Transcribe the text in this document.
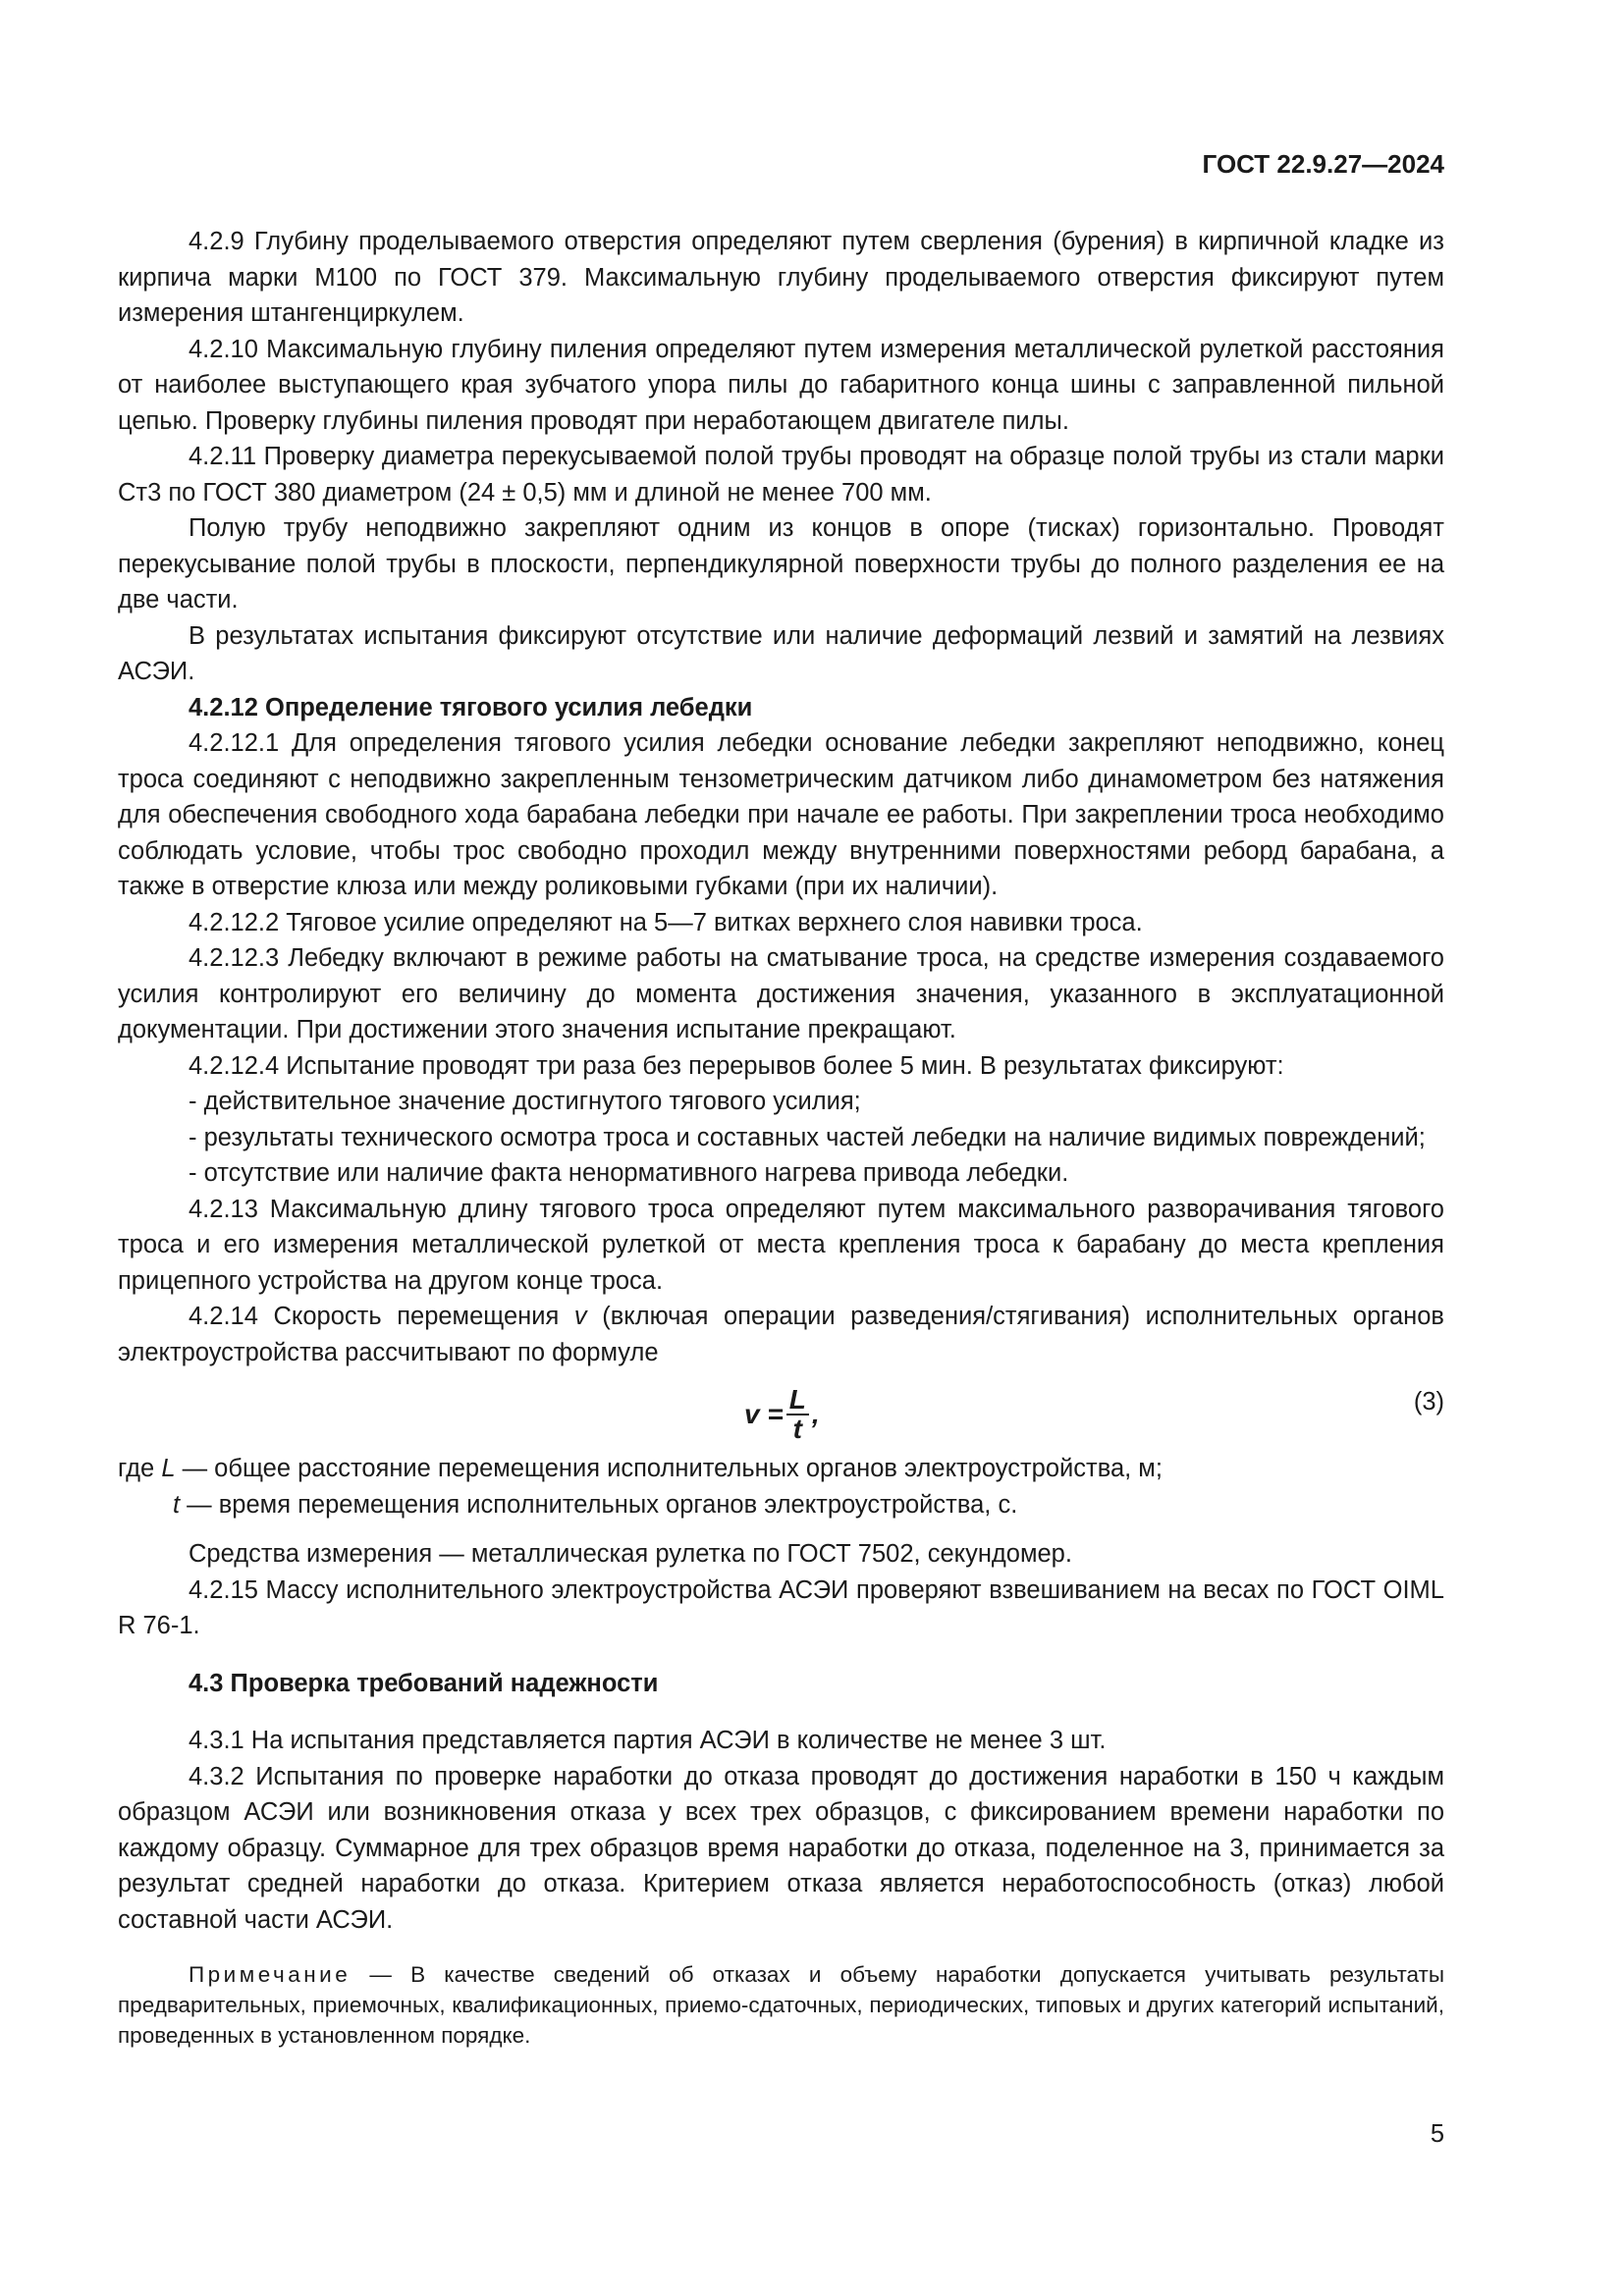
ГОСТ 22.9.27—2024

4.2.9 Глубину проделываемого отверстия определяют путем сверления (бурения) в кирпичной кладке из кирпича марки М100 по ГОСТ 379. Максимальную глубину проделываемого отверстия фиксируют путем измерения штангенциркулем.

4.2.10 Максимальную глубину пиления определяют путем измерения металлической рулеткой расстояния от наиболее выступающего края зубчатого упора пилы до габаритного конца шины с заправленной пильной цепью. Проверку глубины пиления проводят при неработающем двигателе пилы.

4.2.11 Проверку диаметра перекусываемой полой трубы проводят на образце полой трубы из стали марки Ст3 по ГОСТ 380 диаметром (24 ± 0,5) мм и длиной не менее 700 мм.

Полую трубу неподвижно закрепляют одним из концов в опоре (тисках) горизонтально. Проводят перекусывание полой трубы в плоскости, перпендикулярной поверхности трубы до полного разделения ее на две части.

В результатах испытания фиксируют отсутствие или наличие деформаций лезвий и замятий на лезвиях АСЭИ.

4.2.12 Определение тягового усилия лебедки

4.2.12.1 Для определения тягового усилия лебедки основание лебедки закрепляют неподвижно, конец троса соединяют с неподвижно закрепленным тензометрическим датчиком либо динамометром без натяжения для обеспечения свободного хода барабана лебедки при начале ее работы. При закреплении троса необходимо соблюдать условие, чтобы трос свободно проходил между внутренними поверхностями реборд барабана, а также в отверстие клюза или между роликовыми губками (при их наличии).

4.2.12.2 Тяговое усилие определяют на 5—7 витках верхнего слоя навивки троса.

4.2.12.3 Лебедку включают в режиме работы на сматывание троса, на средстве измерения создаваемого усилия контролируют его величину до момента достижения значения, указанного в эксплуатационной документации. При достижении этого значения испытание прекращают.

4.2.12.4 Испытание проводят три раза без перерывов более 5 мин. В результатах фиксируют:

- действительное значение достигнутого тягового усилия;

- результаты технического осмотра троса и составных частей лебедки на наличие видимых повреждений;

- отсутствие или наличие факта ненормативного нагрева привода лебедки.

4.2.13 Максимальную длину тягового троса определяют путем максимального разворачивания тягового троса и его измерения металлической рулеткой от места крепления троса к барабану до места крепления прицепного устройства на другом конце троса.

4.2.14 Скорость перемещения v (включая операции разведения/стягивания) исполнительных органов электроустройства рассчитывают по формуле

$v = \frac{L}{t}$ ,	(3)

где L — общее расстояние перемещения исполнительных органов электроустройства, м;

t — время перемещения исполнительных органов электроустройства, с.

Средства измерения — металлическая рулетка по ГОСТ 7502, секундомер.

4.2.15 Массу исполнительного электроустройства АСЭИ проверяют взвешиванием на весах по ГОСТ OIML R 76-1.

4.3 Проверка требований надежности

4.3.1 На испытания представляется партия АСЭИ в количестве не менее 3 шт.

4.3.2 Испытания по проверке наработки до отказа проводят до достижения наработки в 150 ч каждым образцом АСЭИ или возникновения отказа у всех трех образцов, с фиксированием времени наработки по каждому образцу. Суммарное для трех образцов время наработки до отказа, поделенное на 3, принимается за результат средней наработки до отказа. Критерием отказа является неработоспособность (отказ) любой составной части АСЭИ.

Примечание — В качестве сведений об отказах и объему наработки допускается учитывать результаты предварительных, приемочных, квалификационных, приемо-сдаточных, периодических, типовых и других категорий испытаний, проведенных в установленном порядке.

5
